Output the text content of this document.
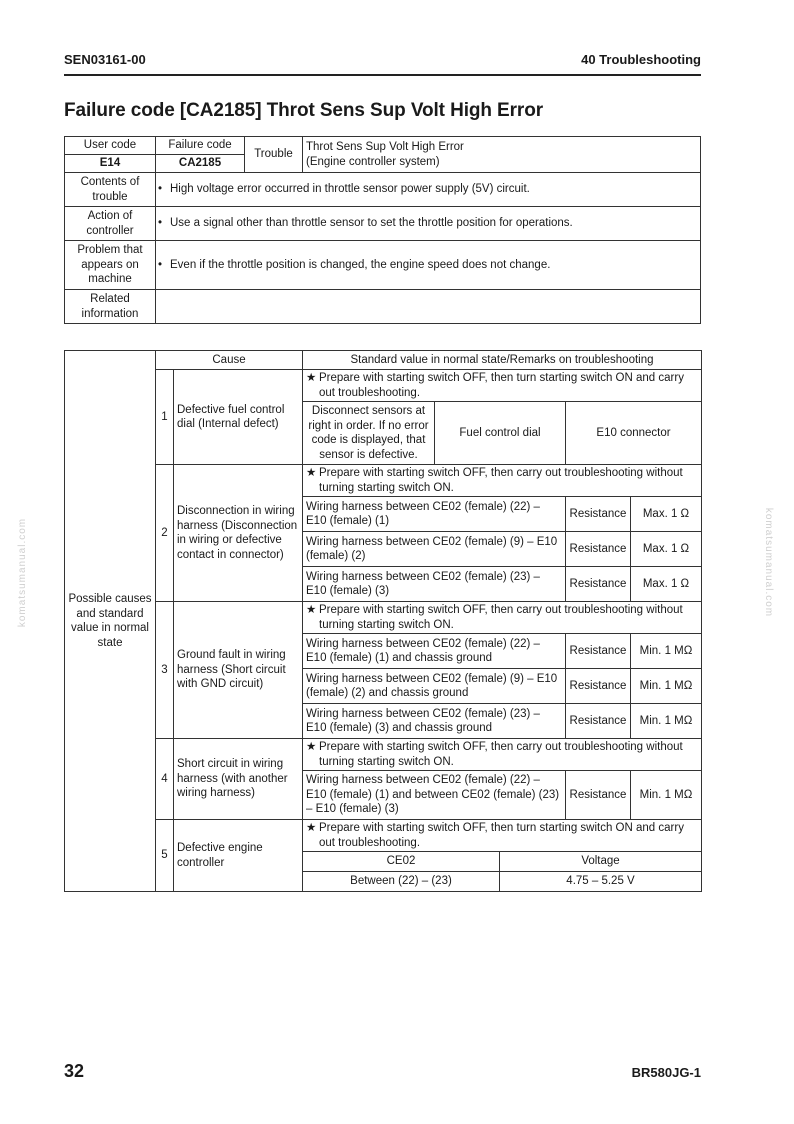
SEN03161-00	40 Troubleshooting
Failure code [CA2185] Throt Sens Sup Volt High Error
User code	Failure code	Trouble	Throt Sens Sup Volt High Error
(Engine controller system)

E14	CA2185		
Contents of trouble	• High voltage error occurred in throttle sensor power supply (5V) circuit.		
Action of controller	• Use a signal other than throttle sensor to set the throttle position for operations.		
Problem that appears on machine	• Even if the throttle position is changed, the engine speed does not change.		
Related information			
Possible causes and standard value in normal state	Cause		Standard value in normal state/Remarks on troubleshooting				
	1	Defective fuel control dial (Internal defect)	★ Prepare with starting switch OFF, then turn starting switch ON and carry out troubleshooting.				

			Disconnect sensors at right in order. If no error code is displayed, that sensor is defective.	Fuel control dial		E10 connector	
	2	Disconnection in wiring harness (Disconnection in wiring or defective contact in connector)	★ Prepare with starting switch OFF, then carry out troubleshooting without turning starting switch ON.				

			Wiring harness between CE02 (female) (22) – E10 (female) (1)			Resistance	Max. 1 Ω
			Wiring harness between CE02 (female) (9) – E10 (female) (2)			Resistance	Max. 1 Ω
			Wiring harness between CE02 (female) (23) – E10 (female) (3)			Resistance	Max. 1 Ω
	3	Ground fault in wiring harness (Short circuit with GND circuit)	★ Prepare with starting switch OFF, then carry out troubleshooting without turning starting switch ON.				

			Wiring harness between CE02 (female) (22) – E10 (female) (1) and chassis ground			Resistance	Min. 1 MΩ
			Wiring harness between CE02 (female) (9) – E10 (female) (2) and chassis ground			Resistance	Min. 1 MΩ
			Wiring harness between CE02 (female) (23) – E10 (female) (3) and chassis ground			Resistance	Min. 1 MΩ
	4	Short circuit in wiring harness (with another wiring harness)	★ Prepare with starting switch OFF, then carry out troubleshooting without turning starting switch ON.				

			Wiring harness between CE02 (female) (22) – E10 (female) (1) and between CE02 (female) (23) – E10 (female) (3)			Resistance	Min. 1 MΩ
	5	Defective engine controller	★ Prepare with starting switch OFF, then turn starting switch ON and carry out troubleshooting.				

			CE02		Voltage		
			Between (22) – (23)		4.75 – 5.25 V		
komatsumanual.com	komatsumanual.com
32	BR580JG-1
